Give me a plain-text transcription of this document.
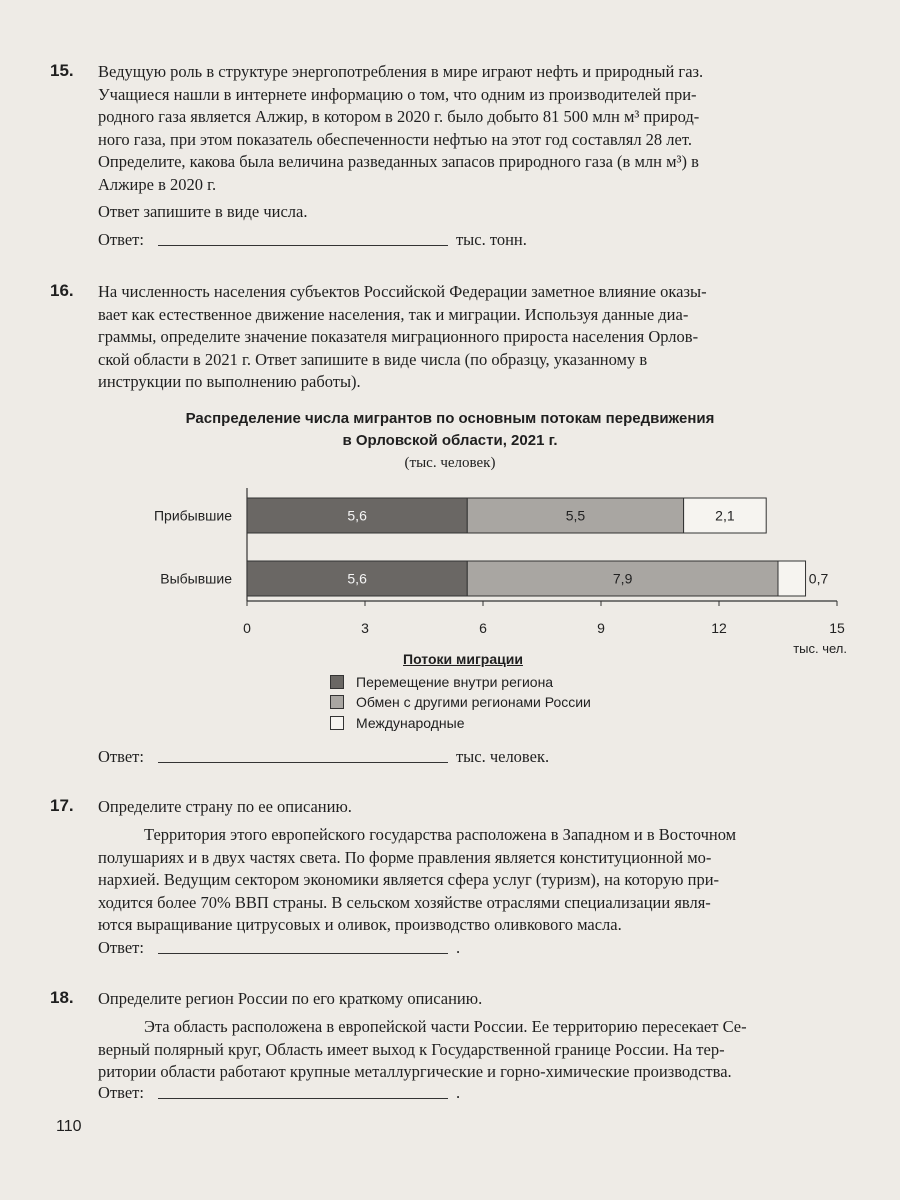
15. Ведущую роль в структуре энергопотребления в мире играют нефть и природный газ.
Учащиеся нашли в интернете информацию о том, что одним из производителей при-
родного газа является Алжир, в котором в 2020 г. было добыто 81 500 млн м³ природ-
ного газа, при этом показатель обеспеченности нефтью на этот год составлял 28 лет.
Определите, какова была величина разведанных запасов природного газа (в млн м³) в
Алжире в 2020 г.
Ответ запишите в виде числа.
Ответ:	тыс. тонн.
16. На численность населения субъектов Российской Федерации заметное влияние оказы-
вает как естественное движение населения, так и миграции. Используя данные диа-
граммы, определите значение показателя миграционного прироста населения Орлов-
ской области в 2021 г. Ответ запишите в виде числа (по образцу, указанному в
инструкции по выполнению работы).
Распределение числа мигрантов по основным потокам передвижения
в Орловской области, 2021 г.
(тыс. человек)
0	3	6	9	12	15
тыс. чел.
Прибывшие	5,6	5,5	2,1
Выбывшие	5,6	7,9	0,7
Потоки миграции
Перемещение внутри региона
Обмен с другими регионами России
Международные
Ответ:	тыс. человек.
17. Определите страну по ее описанию.
Территория этого европейского государства расположена в Западном и в Восточном
полушариях и в двух частях света. По форме правления является конституционной мо-
нархией. Ведущим сектором экономики является сфера услуг (туризм), на которую при-
ходится более 70% ВВП страны. В сельском хозяйстве отраслями специализации явля-
ются выращивание цитрусовых и оливок, производство оливкового масла.
Ответ:	.
18. Определите регион России по его краткому описанию.
Эта область расположена в европейской части России. Ее территорию пересекает Се-
верный полярный круг, Область имеет выход к Государственной границе России. На тер-
ритории области работают крупные металлургические и горно-химические производства.
Ответ:	.
110
